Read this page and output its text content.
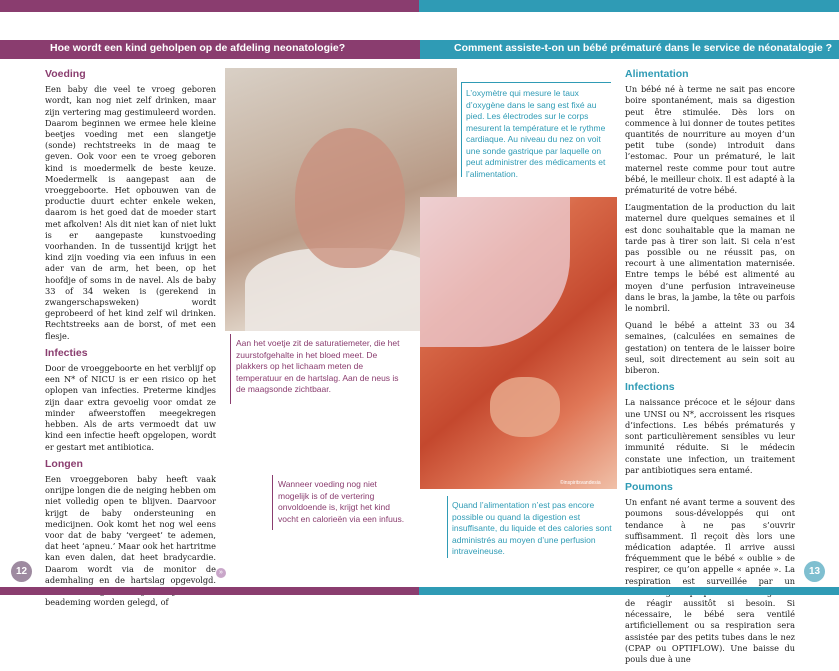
Hoe wordt een kind geholpen op de afdeling neonatologie?	Comment assiste-t-on un bébé prématuré dans le service de néonatalogie ?
Voeding

Een baby die veel te vroeg geboren wordt, kan nog niet zelf drinken, maar zijn vertering mag gestimuleerd worden. Daarom beginnen we ermee hele kleine beetjes voeding met een slangetje (sonde) rechtstreeks in de maag te geven. Ook voor een te vroeg geboren kind is moedermelk de beste keuze. Moedermelk is aangepast aan de vroeggeboorte. Het opbouwen van de productie duurt echter enkele weken, daarom is het goed dat de moeder start met afkolven! Als dit niet kan of niet lukt is er aangepaste kunstvoeding voorhanden. In de tussentijd krijgt het kind zijn voeding via een infuus in een ader van de arm, het been, op het hoofdje of soms in de navel. Als de baby 33 of 34 weken is (gerekend in zwangerschapsweken) wordt geprobeerd of het kind zelf wil drinken. Rechtstreeks aan de borst, of met een flesje.

Infecties

Door de vroeggeboorte en het verblijf op een N* of NICU is er een risico op het oplopen van infecties. Preterme kindjes zijn daar extra gevoelig voor omdat ze minder afweerstoffen meegekregen hebben. Als de arts vermoedt dat uw kind een infectie heeft opgelopen, wordt er gestart met antibiotica.

Longen

Een vroeggeboren baby heeft vaak onrijpe longen die de neiging hebben om niet volledig open te blijven. Daarvoor krijgt de baby ondersteuning en medicijnen. Ook komt het nog wel eens voor dat de baby ‘vergeet’ te ademen, dat heet ‘apneu.’ Maar ook het hartritme kan even dalen, dat heet bradycardie. Daarom wordt via de monitor de ademhaling en de hartslag opgevolgd. beademing worden gelegd, of

©inspiritsvandesia
L’oxymètre qui mesure le taux d’oxygène dans le sang est fixé au pied. Les électrodes sur le corps mesurent la température et le rythme cardiaque. Au niveau du nez on voit une sonde gastrique par laquelle on peut administrer des médicaments et l’alimentation.
Aan het voetje zit de saturatiemeter, die het zuurstofgehalte in het bloed meet. De plakkers op het lichaam meten de temperatuur en de hartslag. Aan de neus is de maagsonde zichtbaar.
Wanneer voeding nog niet mogelijk is of de vertering onvoldoende is, krijgt het kind vocht en calorieën via een infuus.
Quand l’alimentation n’est pas encore possible ou quand la digestion est insuffisante, du liquide et des calories sont administrés au moyen d’une perfusion intraveineuse.
Alimentation

Un bébé né à terme ne sait pas encore boire spontanément, mais sa digestion peut être stimulée. Dès lors on commence à lui donner de toutes petites quantités de nourriture au moyen d’un petit tube (sonde) introduit dans l’estomac. Pour un prématuré, le lait maternel reste comme pour tout autre bébé, le meilleur choix. Il est adapté à la prématurité de votre bébé.

L’augmentation de la production du lait maternel dure quelques semaines et il est donc souhaitable que la maman ne tarde pas à tirer son lait. Si cela n’est pas possible ou ne réussit pas, on recourt à une alimentation maternisée. Entre temps le bébé est alimenté au moyen d’une perfusion intraveineuse dans le bras, la jambe, la tête ou parfois le nombril.

Quand le bébé a atteint 33 ou 34 semaines, (calculées en semaines de gestation) on tentera de le laisser boire seul, soit directement au sein soit au biberon.

Infections

La naissance précoce et le séjour dans une UNSI ou N*, accroissent les risques d’infections. Les bébés prématurés y sont particulièrement sensibles vu leur immunité réduite. Si le médecin constate une infection, un traitement par antibiotiques sera entamé.

Poumons

Un enfant né avant terme a souvent des poumons sous-développés qui ont tendance à ne pas s’ouvrir suffisamment. Il reçoit dès lors une médication adaptée. Il arrive aussi fréquemment que le bébé « oublie » de respirer, ce qu’on appelle « apnée ». La respiration est surveillée par un de réagir aussitôt si besoin. Si nécessaire, le bébé sera ventilé artificiellement ou sa respiration sera assistée par des petits tubes dans le nez (CPAP ou OPTIFLOW). Une baisse du pouls due à une

»
12	13
